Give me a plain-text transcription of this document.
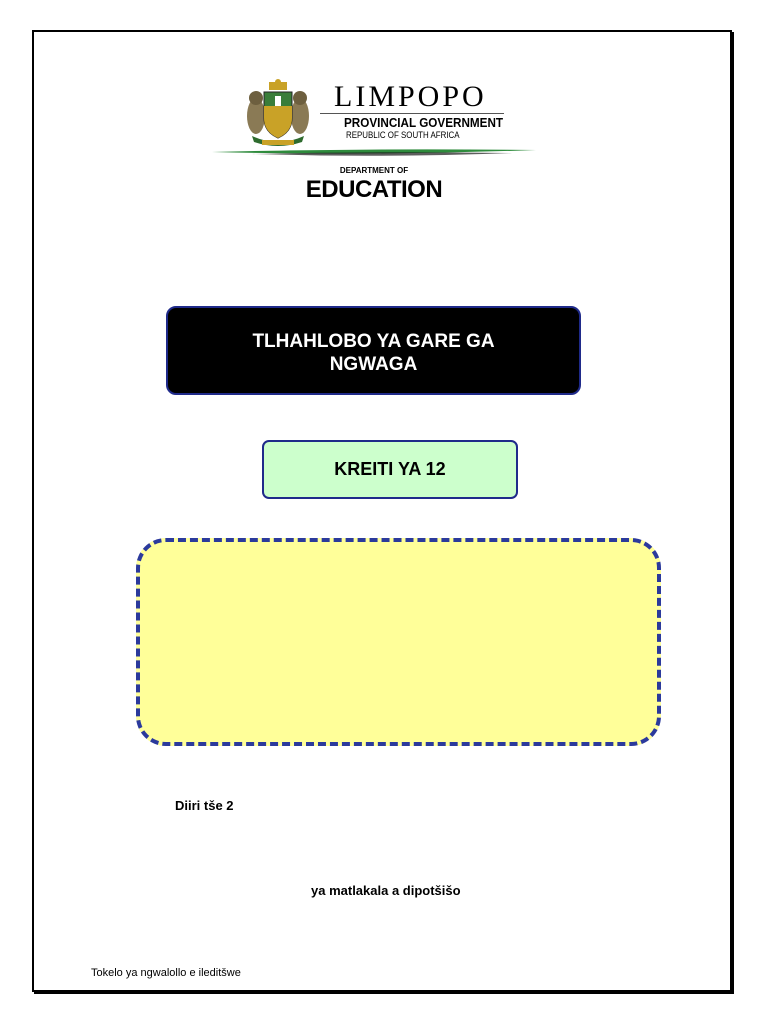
LIMPOPO
PROVINCIAL GOVERNMENT
REPUBLIC OF SOUTH AFRICA
DEPARTMENT OF
EDUCATION
TLHAHLOBO YA GARE GA
NGWAGA
KREITI YA 12
Diiri tše 2
ya matlakala a dipotšišo
Tokelo ya ngwalollo e ileditšwe
